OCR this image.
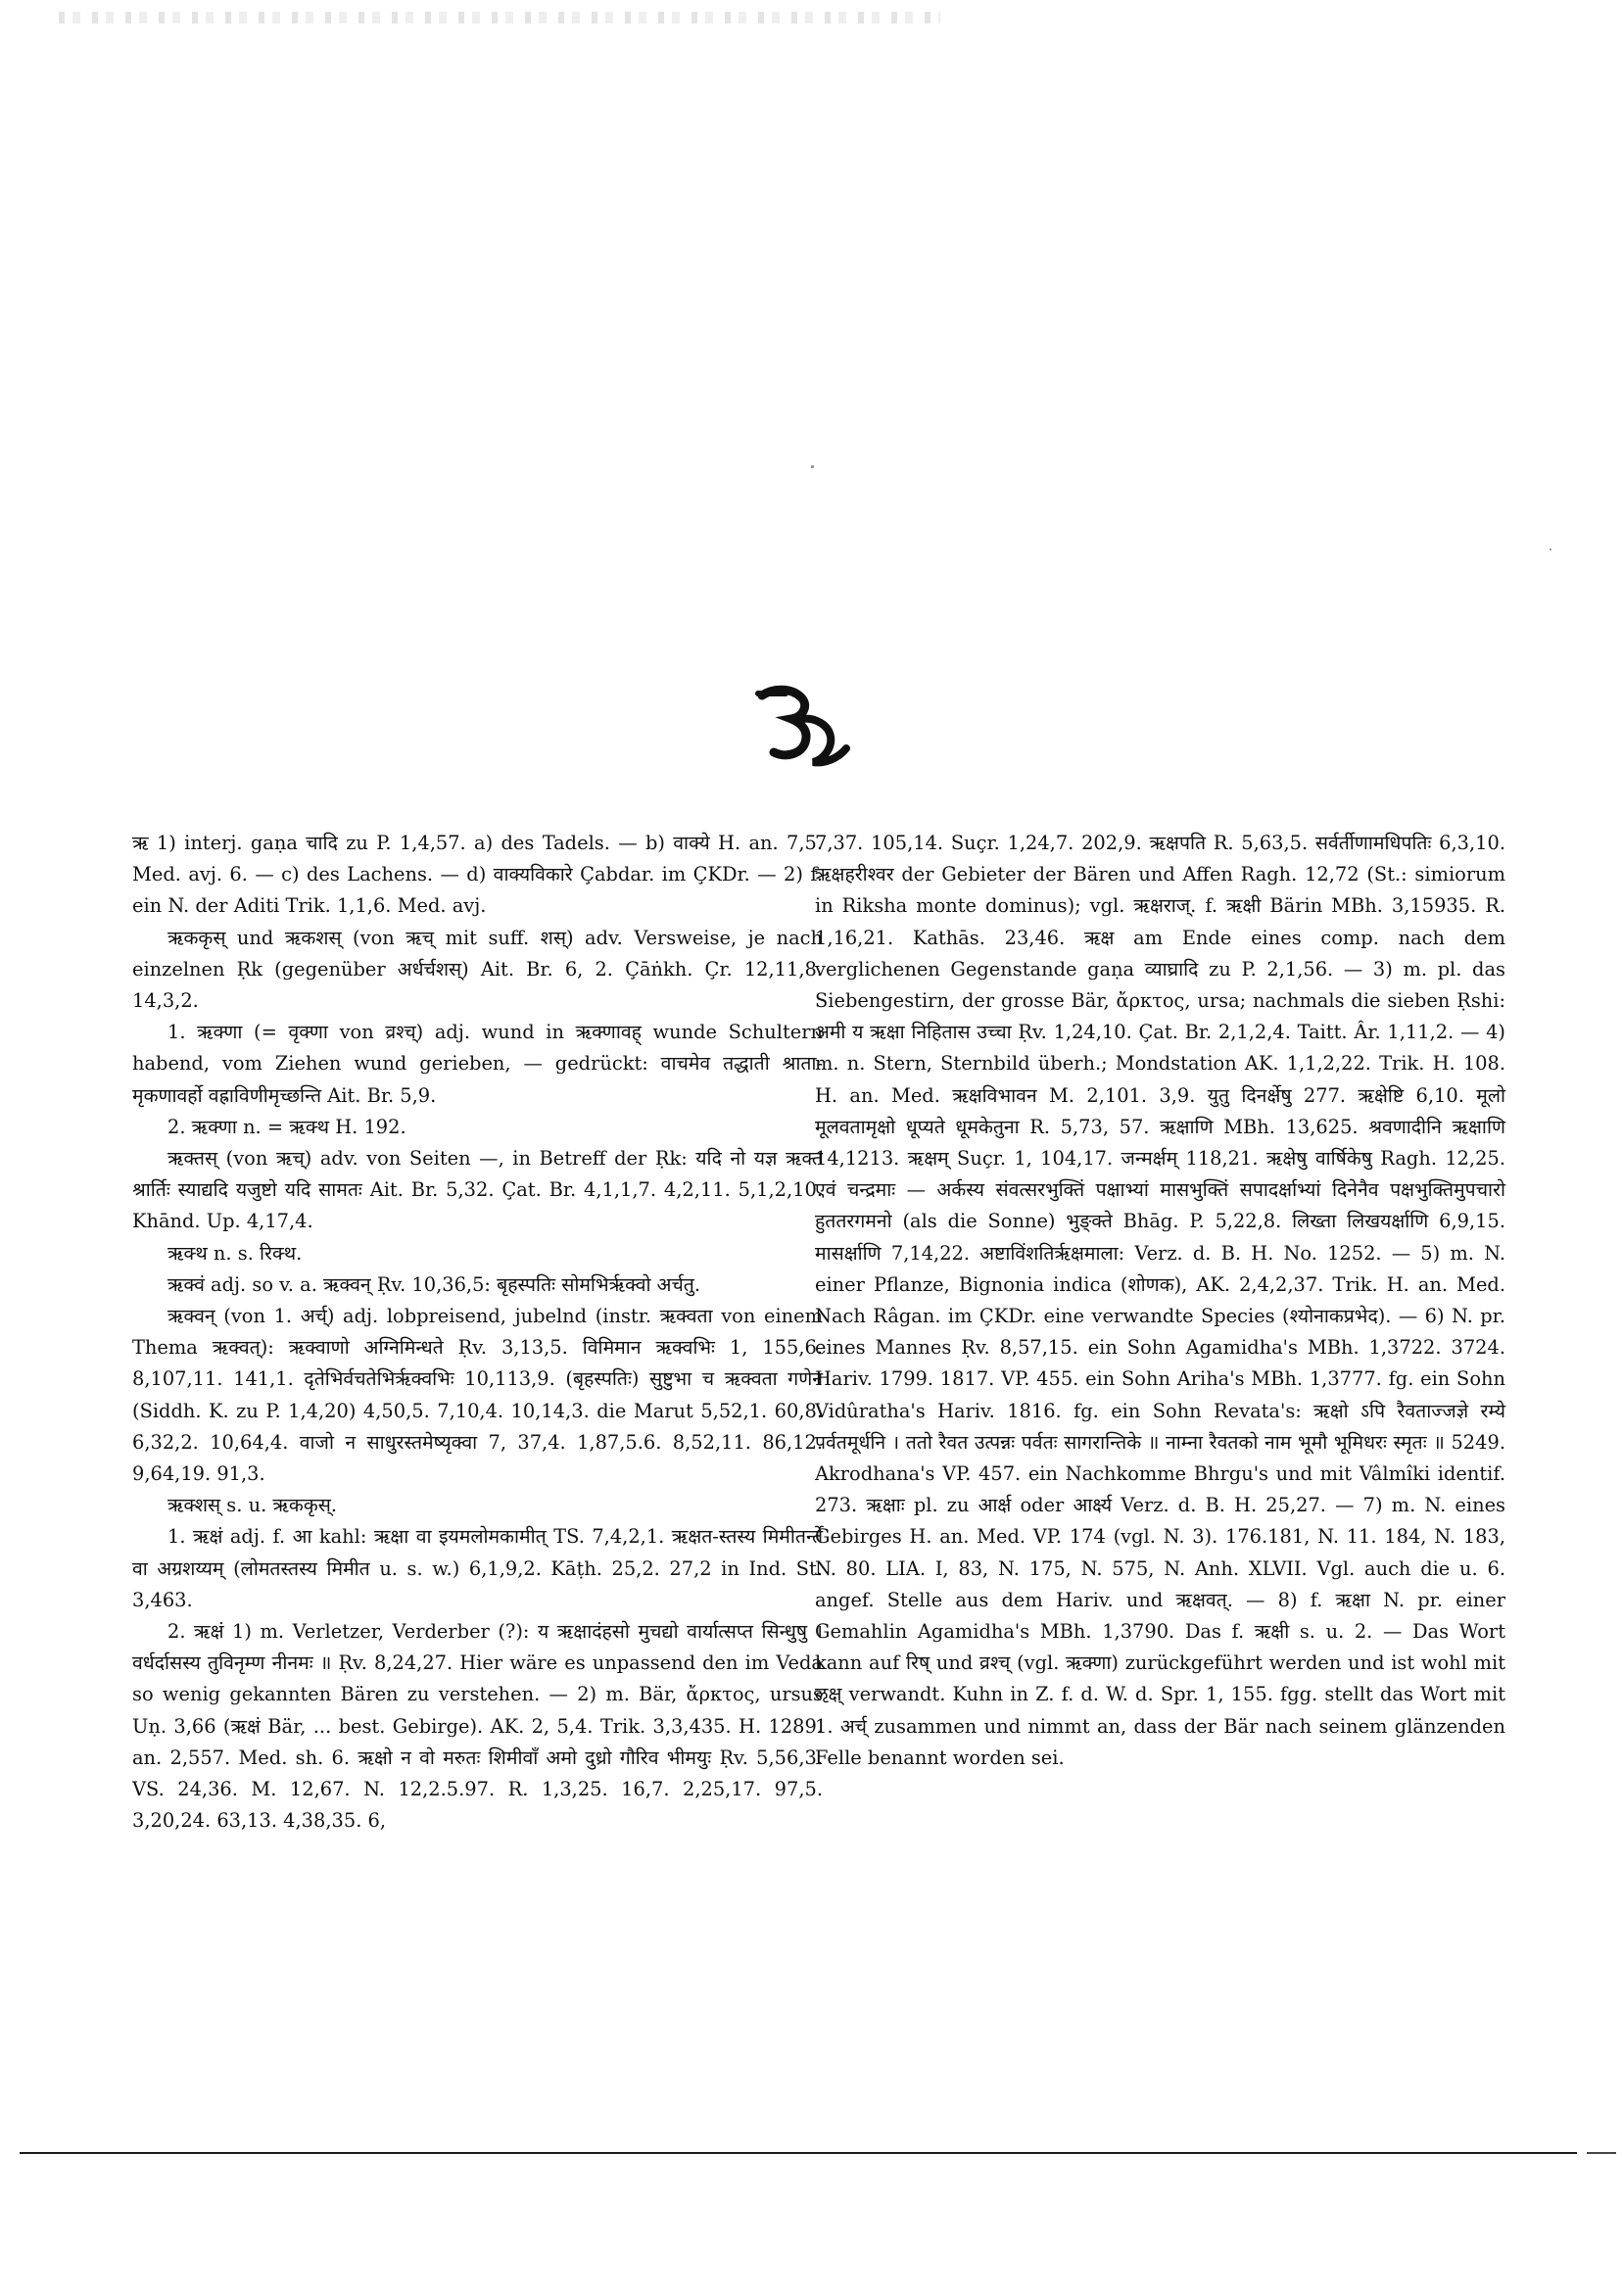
ऋ 1) interj. gaṇa चादि zu P. 1,4,57. a) des Tadels. — b) वाक्ये H. an. 7,5. Med. avj. 6. — c) des Lachens. — d) वाक्यविकारे Çabdar. im ÇKDr. — 2) f. ein N. der Aditi Trik. 1,1,6. Med. avj.

ऋककृस् und ऋकशस् (von ऋच् mit suff. शस्) adv. Versweise, je nach einzelnen Ṛk (gegenüber अर्धर्चशस्) Ait. Br. 6, 2. Çāṅkh. Çr. 12,11,8. 14,3,2.

1. ऋक्णा (= वृक्णा von व्रश्च्) adj. wund in ऋक्णावह् wunde Schultern habend, vom Ziehen wund gerieben, — gedrückt: वाचमेव तद्धाती श्राता-मृकणावर्हो वह्राविणीमृच्छन्ति Ait. Br. 5,9.

2. ऋक्णा n. = ऋक्थ H. 192.

ऋक्तस् (von ऋच्) adv. von Seiten —, in Betreff der Ṛk: यदि नो यज्ञ ऋक्त श्रार्तिः स्याद्यदि यजुष्टो यदि सामतः Ait. Br. 5,32. Çat. Br. 4,1,1,7. 4,2,11. 5,1,2,10. Khānd. Up. 4,17,4.

ऋक्थ n. s. रिक्थ.

ऋक्वं adj. so v. a. ऋक्वन् Ṛv. 10,36,5: बृहस्पतिः सोमभिर्ऋक्वो अर्चतु.

ऋक्वन् (von 1. अर्च्) adj. lobpreisend, jubelnd (instr. ऋक्वता von einem Thema ऋक्वत्): ऋक्वाणो अग्निमिन्धते Ṛv. 3,13,5. विमिमान ऋक्वभिः 1, 155,6. 8,107,11. 141,1. दृतेभिर्वचतेभिर्ऋक्वभिः 10,113,9. (बृहस्पतिः) सुष्टुभा च ऋक्वता गणेन (Siddh. K. zu P. 1,4,20) 4,50,5. 7,10,4. 10,14,3. die Marut 5,52,1. 60,8. 6,32,2. 10,64,4. वाजो न साधुरस्तमेष्यृक्वा 7, 37,4. 1,87,5.6. 8,52,11. 86,12. 9,64,19. 91,3.

ऋक्शस् s. u. ऋककृस्.

1. ऋक्षं adj. f. आ kahl: ऋक्षा वा इयमलोमकामीत् TS. 7,4,2,1. ऋक्षत-स्तस्य मिमीतर्न्ते वा अग्रशय्यम् (लोमतस्तस्य मिमीत u. s. w.) 6,1,9,2. Kāṭh. 25,2. 27,2 in Ind. St. 3,463.

2. ऋक्षं 1) m. Verletzer, Verderber (?): य ऋक्षादंहसो मुचद्यो वार्यात्सप्त सिन्धुषु । वर्धर्दासस्य तुविनृम्ण नीनमः ॥ Ṛv. 8,24,27. Hier wäre es unpassend den im Veda so wenig gekannten Bären zu verstehen. — 2) m. Bär, ἄρκτος, ursus Uṇ. 3,66 (ऋक्षं Bär, ... best. Gebirge). AK. 2, 5,4. Trik. 3,3,435. H. 1289. an. 2,557. Med. sh. 6. ऋक्षो न वो मरुतः शिमीवाँ अमो दुध्रो गौरिव भीमयुः Ṛv. 5,56,3. VS. 24,36. M. 12,67. N. 12,2.5.97. R. 1,3,25. 16,7. 2,25,17. 97,5. 3,20,24. 63,13. 4,38,35. 6,

7,37. 105,14. Suçr. 1,24,7. 202,9. ऋक्षपति R. 5,63,5. सर्वर्तीणामधिपतिः 6,3,10. ऋक्षहरीश्वर der Gebieter der Bären und Affen Ragh. 12,72 (St.: simiorum in Riksha monte dominus); vgl. ऋक्षराज्. f. ऋक्षी Bärin MBh. 3,15935. R. 1,16,21. Kathās. 23,46. ऋक्ष am Ende eines comp. nach dem verglichenen Gegenstande gaṇa व्याघ्रादि zu P. 2,1,56. — 3) m. pl. das Siebengestirn, der grosse Bär, ἄρκτος, ursa; nachmals die sieben Ṛshi: अमी य ऋक्षा निहितास उच्चा Ṛv. 1,24,10. Çat. Br. 2,1,2,4. Taitt. Âr. 1,11,2. — 4) m. n. Stern, Sternbild überh.; Mondstation AK. 1,1,2,22. Trik. H. 108. H. an. Med. ऋक्षविभावन M. 2,101. 3,9. युतु दिनर्क्षेषु 277. ऋक्षेष्टि 6,10. मूलो मूलवतामृक्षो धूप्यते धूमकेतुना R. 5,73, 57. ऋक्षाणि MBh. 13,625. श्रवणादीनि ऋक्षाणि 14,1213. ऋक्षम् Suçr. 1, 104,17. जन्मर्क्षम् 118,21. ऋक्षेषु वार्षिकेषु Ragh. 12,25. एवं चन्द्रमाः — अर्कस्य संवत्सरभुक्तिं पक्षाभ्यां मासभुक्तिं सपादर्क्षाभ्यां दिनेनैव पक्षभुक्तिमुपचारो हुततरगमनो (als die Sonne) भुङ्क्ते Bhāg. P. 5,22,8. लिख्ता लिखयर्क्षाणि 6,9,15. मासर्क्षाणि 7,14,22. अष्टाविंशतिर्ऋक्षमाला: Verz. d. B. H. No. 1252. — 5) m. N. einer Pflanze, Bignonia indica (शोणक), AK. 2,4,2,37. Trik. H. an. Med. Nach Râgan. im ÇKDr. eine verwandte Species (श्योनाकप्रभेद). — 6) N. pr. eines Mannes Ṛv. 8,57,15. ein Sohn Agamidha's MBh. 1,3722. 3724. Hariv. 1799. 1817. VP. 455. ein Sohn Ariha's MBh. 1,3777. fg. ein Sohn Vidûratha's Hariv. 1816. fg. ein Sohn Revata's: ऋक्षो ऽपि रैवताज्जज्ञे रम्ये पर्वतमूर्धनि । ततो रैवत उत्पन्नः पर्वतः सागरान्तिके ॥ नाम्ना रैवतको नाम भूमौ भूमिधरः स्मृतः ॥ 5249. Akrodhana's VP. 457. ein Nachkomme Bhrgu's und mit Vâlmîki identif. 273. ऋक्षाः pl. zu आर्क्ष oder आर्क्ष्य Verz. d. B. H. 25,27. — 7) m. N. eines Gebirges H. an. Med. VP. 174 (vgl. N. 3). 176.181, N. 11. 184, N. 183, N. 80. LIA. I, 83, N. 175, N. 575, N. Anh. XLVII. Vgl. auch die u. 6. angef. Stelle aus dem Hariv. und ऋक्षवत्. — 8) f. ऋक्षा N. pr. einer Gemahlin Agamidha's MBh. 1,3790. Das f. ऋक्षी s. u. 2. — Das Wort kann auf रिष् und व्रश्च् (vgl. ऋक्णा) zurückgeführt werden und ist wohl mit ऌक्ष् verwandt. Kuhn in Z. f. d. W. d. Spr. 1, 155. fgg. stellt das Wort mit 1. अर्च् zusammen und nimmt an, dass der Bär nach seinem glänzenden Felle benannt worden sei.
